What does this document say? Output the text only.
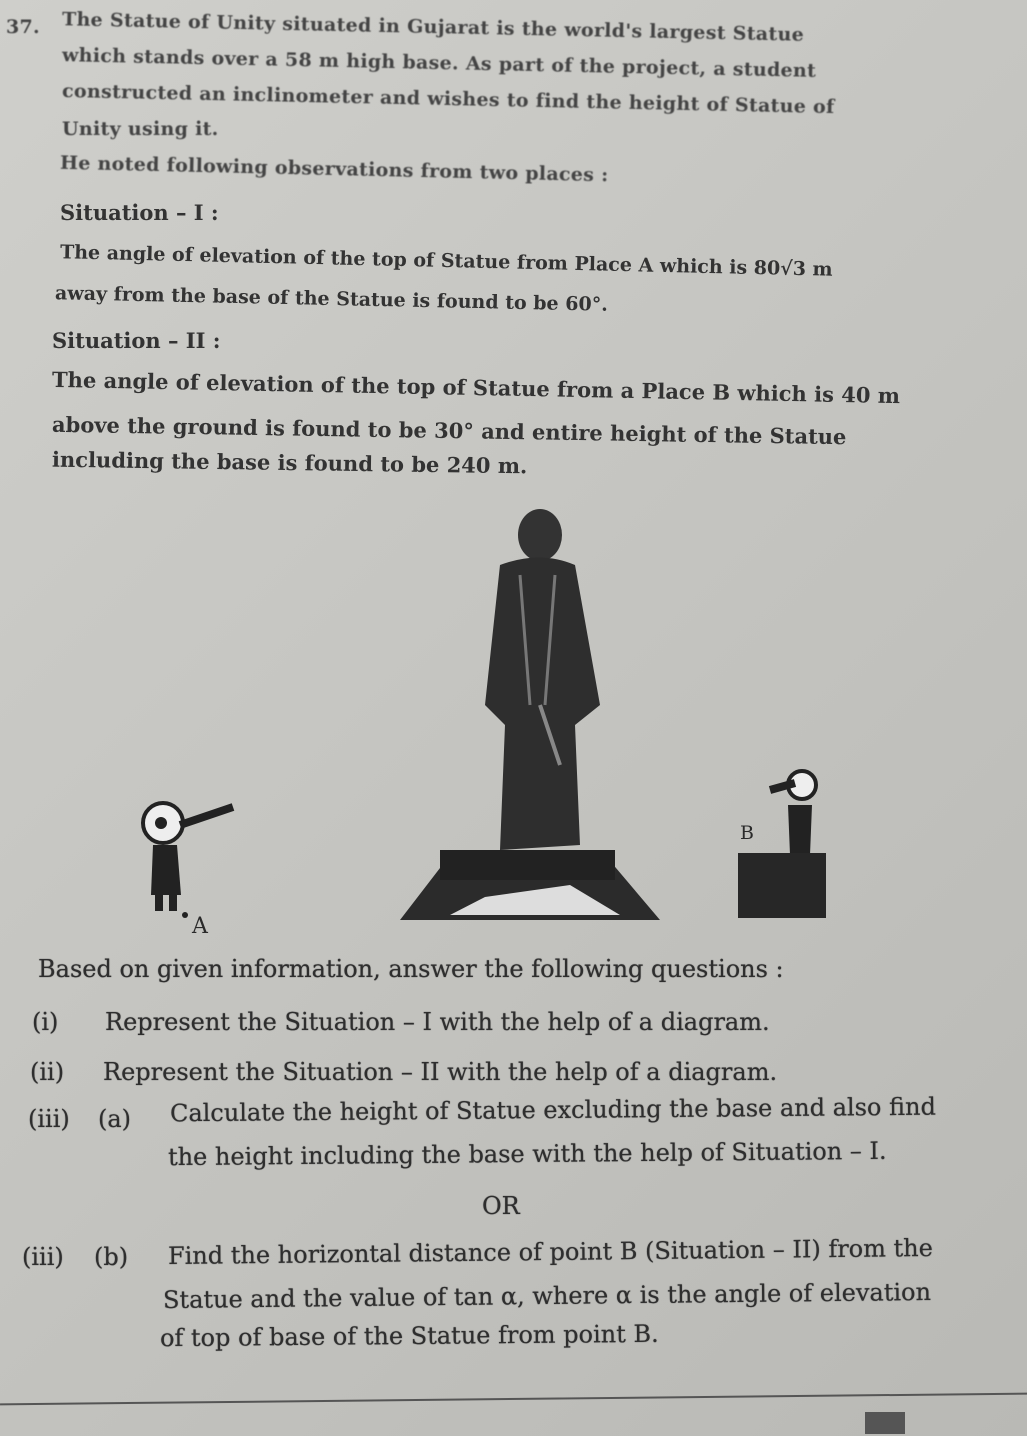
37. The Statue of Unity situated in Gujarat is the world's largest Statue
which stands over a 58 m high base. As part of the project, a student
constructed an inclinometer and wishes to find the height of Statue of
Unity using it.
He noted following observations from two places :
Situation – I :
The angle of elevation of the top of Statue from Place A which is 80√3 m
away from the base of the Statue is found to be 60°.
Situation – II :
The angle of elevation of the top of Statue from a Place B which is 40 m
above the ground is found to be 30° and entire height of the Statue
including the base is found to be 240 m.
A
B
Based on given information, answer the following questions :
(i) Represent the Situation – I with the help of a diagram.
(ii) Represent the Situation – II with the help of a diagram.
(iii) (a) Calculate the height of Statue excluding the base and also find
the height including the base with the help of Situation – I.
OR
(iii) (b) Find the horizontal distance of point B (Situation – II) from the
Statue and the value of tan α, where α is the angle of elevation
of top of base of the Statue from point B.
